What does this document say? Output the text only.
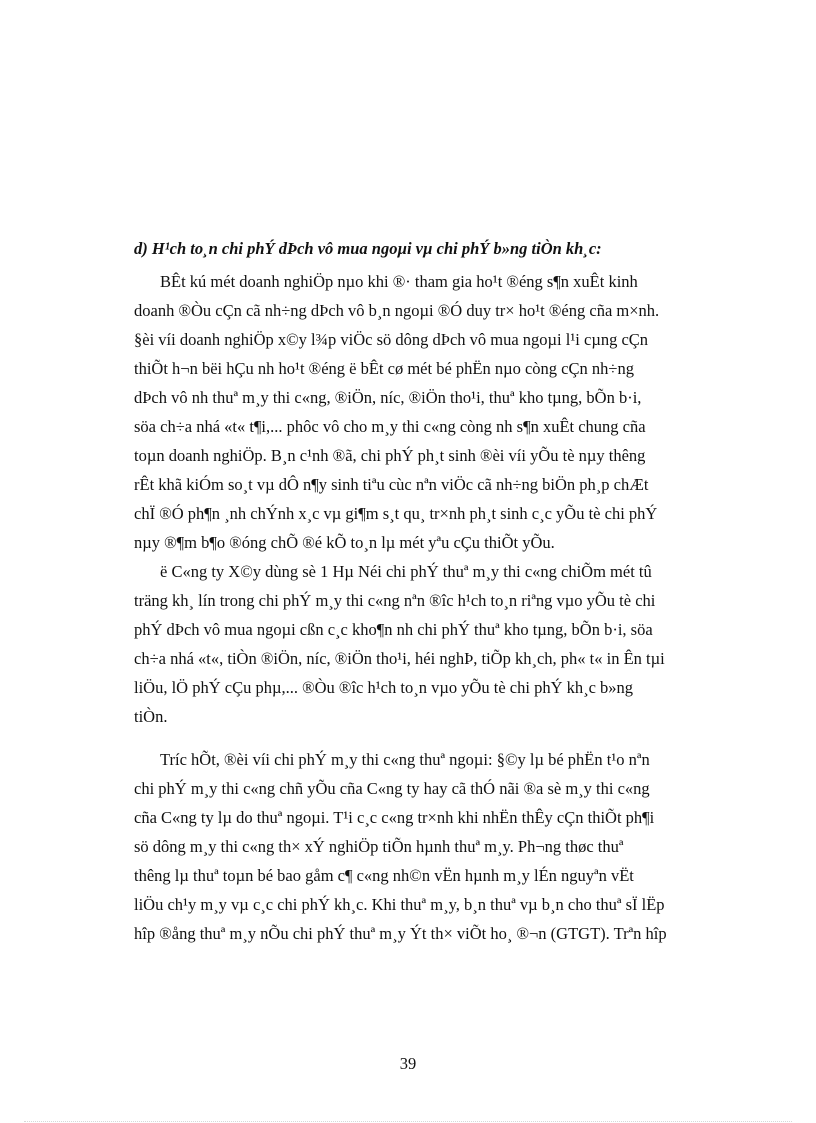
d) H¹ch to¸n chi phÝ dÞch vô mua ngoµi vµ chi phÝ b»ng tiÒn kh¸c:

BÊt kú mét doanh nghiÖp nµo khi ®· tham gia ho¹t ®éng s¶n xuÊt kinh
doanh ®Òu cÇn cã nh÷ng dÞch vô b¸n ngoµi ®Ó duy tr× ho¹t ®éng cña m×nh.
§èi víi doanh nghiÖp x©y l¾p viÖc sö dông dÞch vô mua ngoµi l¹i cµng cÇn
thiÕt h¬n bëi hÇu nh ho¹t ®éng ë bÊt cø mét bé phËn nµo còng cÇn nh÷ng
dÞch vô nh thuª m¸y thi c«ng, ®iÖn, níc, ®iÖn tho¹i, thuª kho tµng, bÕn b·i,
söa ch÷a nhá «t« t¶i,... phôc vô cho m¸y thi c«ng còng nh s¶n xuÊt chung cña
toµn doanh nghiÖp. B¸n c¹nh ®ã, chi phÝ ph¸t sinh ®èi víi yÕu tè nµy thêng
rÊt khã kiÓm so¸t vµ dÔ n¶y sinh tiªu cùc nªn viÖc cã nh÷ng biÖn ph¸p chÆt
chÏ ®Ó ph¶n ¸nh chÝnh x¸c vµ gi¶m s¸t qu¸ tr×nh ph¸t sinh c¸c yÕu tè chi phÝ
nµy ®¶m b¶o ®óng chÕ ®é kÕ to¸n lµ mét yªu cÇu thiÕt yÕu.
ë C«ng ty X©y dùng sè 1 Hµ Néi chi phÝ thuª m¸y thi c«ng chiÕm mét tû
träng kh¸ lín trong chi phÝ m¸y thi c«ng nªn ®îc h¹ch to¸n riªng vµo yÕu tè chi
phÝ dÞch vô mua ngoµi cßn c¸c kho¶n nh chi phÝ thuª kho tµng, bÕn b·i, söa
ch÷a nhá «t«, tiÒn ®iÖn, níc, ®iÖn tho¹i, héi nghÞ, tiÕp kh¸ch, ph« t« in Ên tµi
liÖu, lÖ phÝ cÇu phµ,... ®Òu ®îc h¹ch to¸n vµo yÕu tè chi phÝ kh¸c b»ng
tiÒn.
Tríc hÕt, ®èi víi chi phÝ m¸y thi c«ng thuª ngoµi: §©y lµ bé phËn t¹o nªn
chi phÝ m¸y thi c«ng chñ yÕu cña C«ng ty hay cã thÓ nãi ®a sè m¸y thi c«ng
cña C«ng ty lµ do thuª ngoµi. T¹i c¸c c«ng tr×nh khi nhËn thÊy cÇn thiÕt ph¶i
sö dông m¸y thi c«ng th× xÝ nghiÖp tiÕn hµnh thuª m¸y. Ph¬ng thøc thuª
thêng lµ thuª toµn bé bao gåm c¶ c«ng nh©n vËn hµnh m¸y lÉn nguyªn vËt
liÖu ch¹y m¸y vµ c¸c chi phÝ kh¸c. Khi thuª m¸y, b¸n thuª vµ b¸n cho thuª sÏ lËp
hîp ®ång thuª m¸y nÕu chi phÝ thuª m¸y Ýt th× viÕt ho¸ ®¬n (GTGT). Trªn hîp
39
